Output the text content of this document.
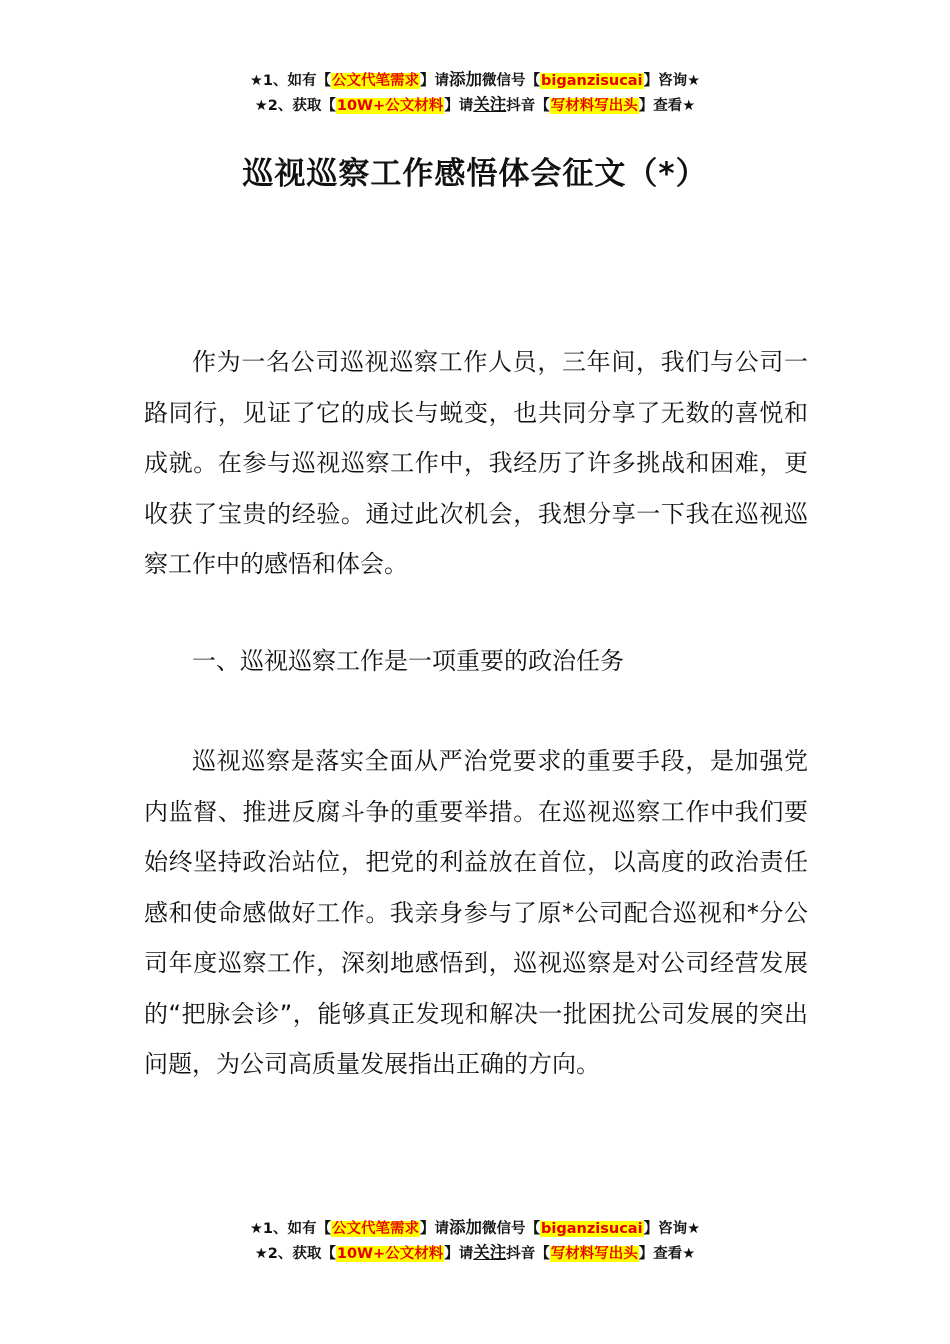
★1、如有【公文代笔需求】请添加微信号【biganzisucai】咨询★
★2、获取【10W+公文材料】请关注抖音【写材料写出头】查看★
巡视巡察工作感悟体会征文（*）

作为一名公司巡视巡察工作人员，三年间，我们与公司一路同行，见证了它的成长与蜕变，也共同分享了无数的喜悦和成就。在参与巡视巡察工作中，我经历了许多挑战和困难，更收获了宝贵的经验。通过此次机会，我想分享一下我在巡视巡察工作中的感悟和体会。

一、巡视巡察工作是一项重要的政治任务

巡视巡察是落实全面从严治党要求的重要手段，是加强党内监督、推进反腐斗争的重要举措。在巡视巡察工作中我们要始终坚持政治站位，把党的利益放在首位，以高度的政治责任感和使命感做好工作。我亲身参与了原*公司配合巡视和*分公司年度巡察工作，深刻地感悟到，巡视巡察是对公司经营发展的“把脉会诊”，能够真正发现和解决一批困扰公司发展的突出问题，为公司高质量发展指出正确的方向。

★1、如有【公文代笔需求】请添加微信号【biganzisucai】咨询★
★2、获取【10W+公文材料】请关注抖音【写材料写出头】查看★
